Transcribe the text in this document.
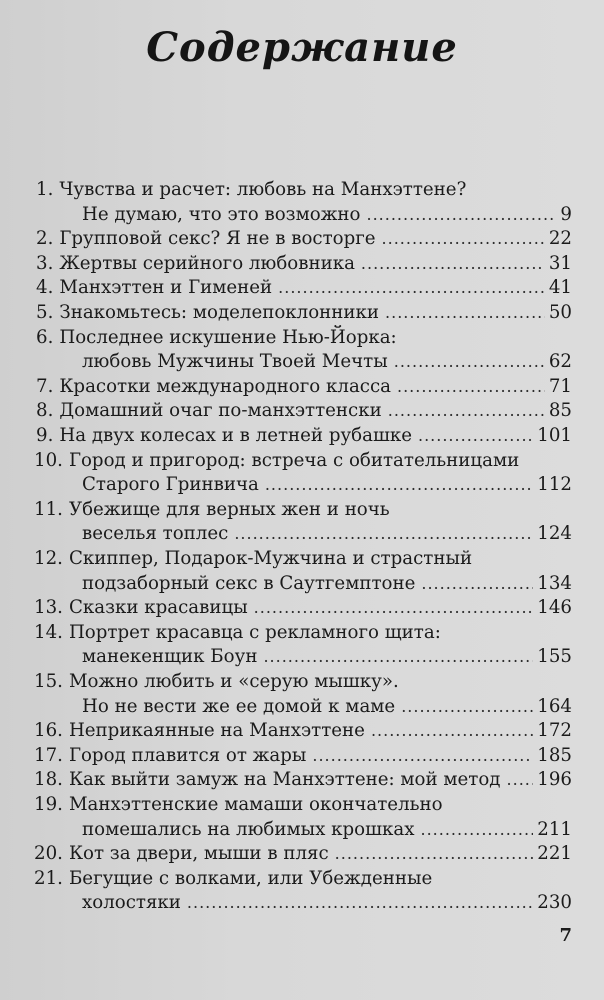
Содержание
1. Чувства и расчет: любовь на Манхэттене?
Не думаю, что это возможно .....	9
2. Групповой секс? Я не в восторге .....	22
3. Жертвы серийного любовника .....	31
4. Манхэттен и Гименей .....	41
5. Знакомьтесь: моделепоклонники .....	50
6. Последнее искушение Нью-Йорка:
любовь Мужчины Твоей Мечты .....	62
7. Красотки международного класса .....	71
8. Домашний очаг по-манхэттенски .....	85
9. На двух колесах и в летней рубашке .....	101
10. Город и пригород: встреча с обитательницами
Старого Гринвича .....	112
11. Убежище для верных жен и ночь
веселья топлес .....	124
12. Скиппер, Подарок-Мужчина и страстный
подзаборный секс в Саутгемптоне .....	134
13. Сказки красавицы .....	146
14. Портрет красавца с рекламного щита:
манекенщик Боун .....	155
15. Можно любить и «серую мышку».
Но не вести же ее домой к маме .....	164
16. Неприкаянные на Манхэттене .....	172
17. Город плавится от жары .....	185
18. Как выйти замуж на Манхэттене: мой метод ..... 196
19. Манхэттенские мамаши окончательно
помешались на любимых крошках .....	211
20. Кот за двери, мыши в пляс .....	221
21. Бегущие с волками, или Убежденные
холостяки .....	230
7
